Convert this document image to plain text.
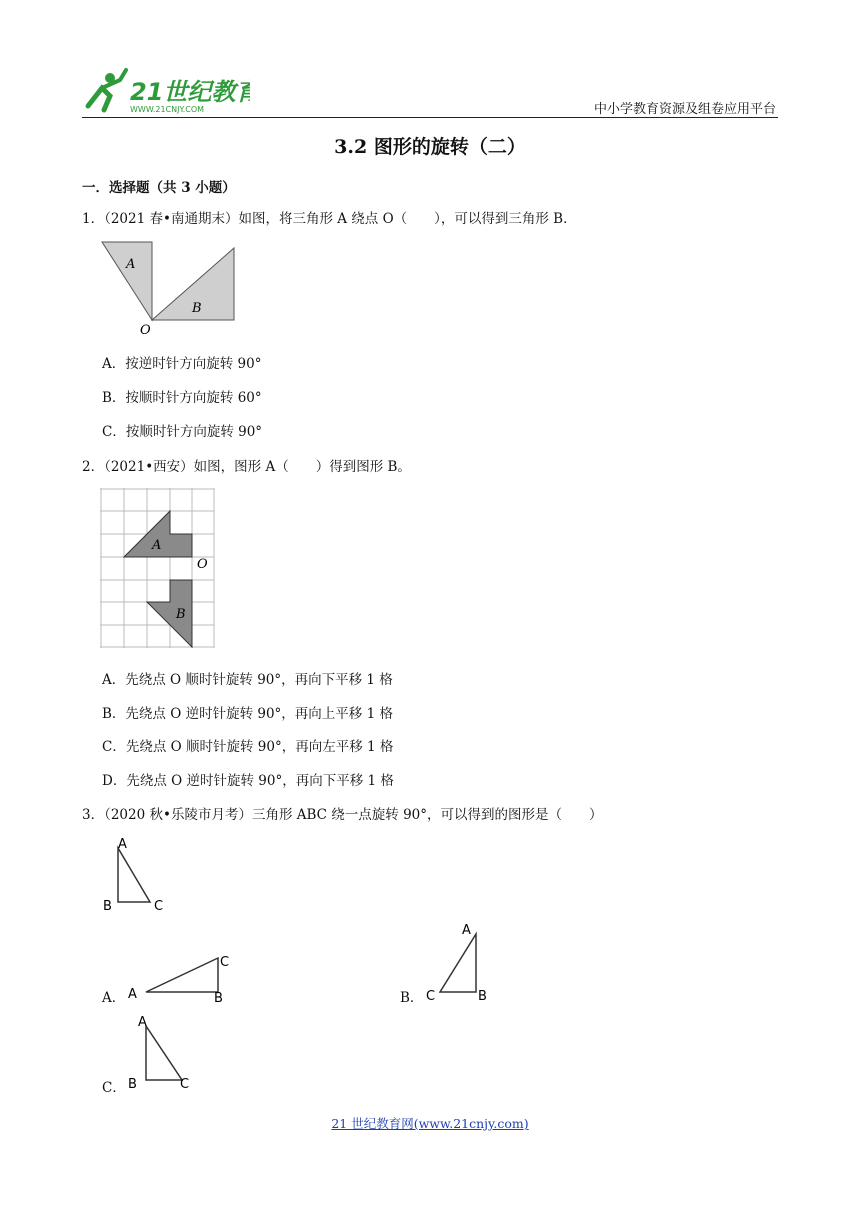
21世纪教育
WWW.21CNJY.COM	中小学教育资源及组卷应用平台
3.2 图形的旋转（二）
一．选择题（共 3 小题）
1．（2021 春•南通期末）如图，将三角形 A 绕点 O（　　），可以得到三角形 B．
A
B
O
A．按逆时针方向旋转 90°
B．按顺时针方向旋转 60°
C．按顺时针方向旋转 90°
2．（2021•西安）如图，图形 A（　　）得到图形 B。
A
B
O
A．先绕点 O 顺时针旋转 90°，再向下平移 1 格
B．先绕点 O 逆时针旋转 90°，再向上平移 1 格
C．先绕点 O 顺时针旋转 90°，再向左平移 1 格
D．先绕点 O 逆时针旋转 90°，再向下平移 1 格
3．（2020 秋•乐陵市月考）三角形 ABC 绕一点旋转 90°，可以得到的图形是（　　）
A
B	C
A． A
C
B	B．
A
C	B
C．
A
B	C
21 世纪教育网(www.21cnjy.com)
